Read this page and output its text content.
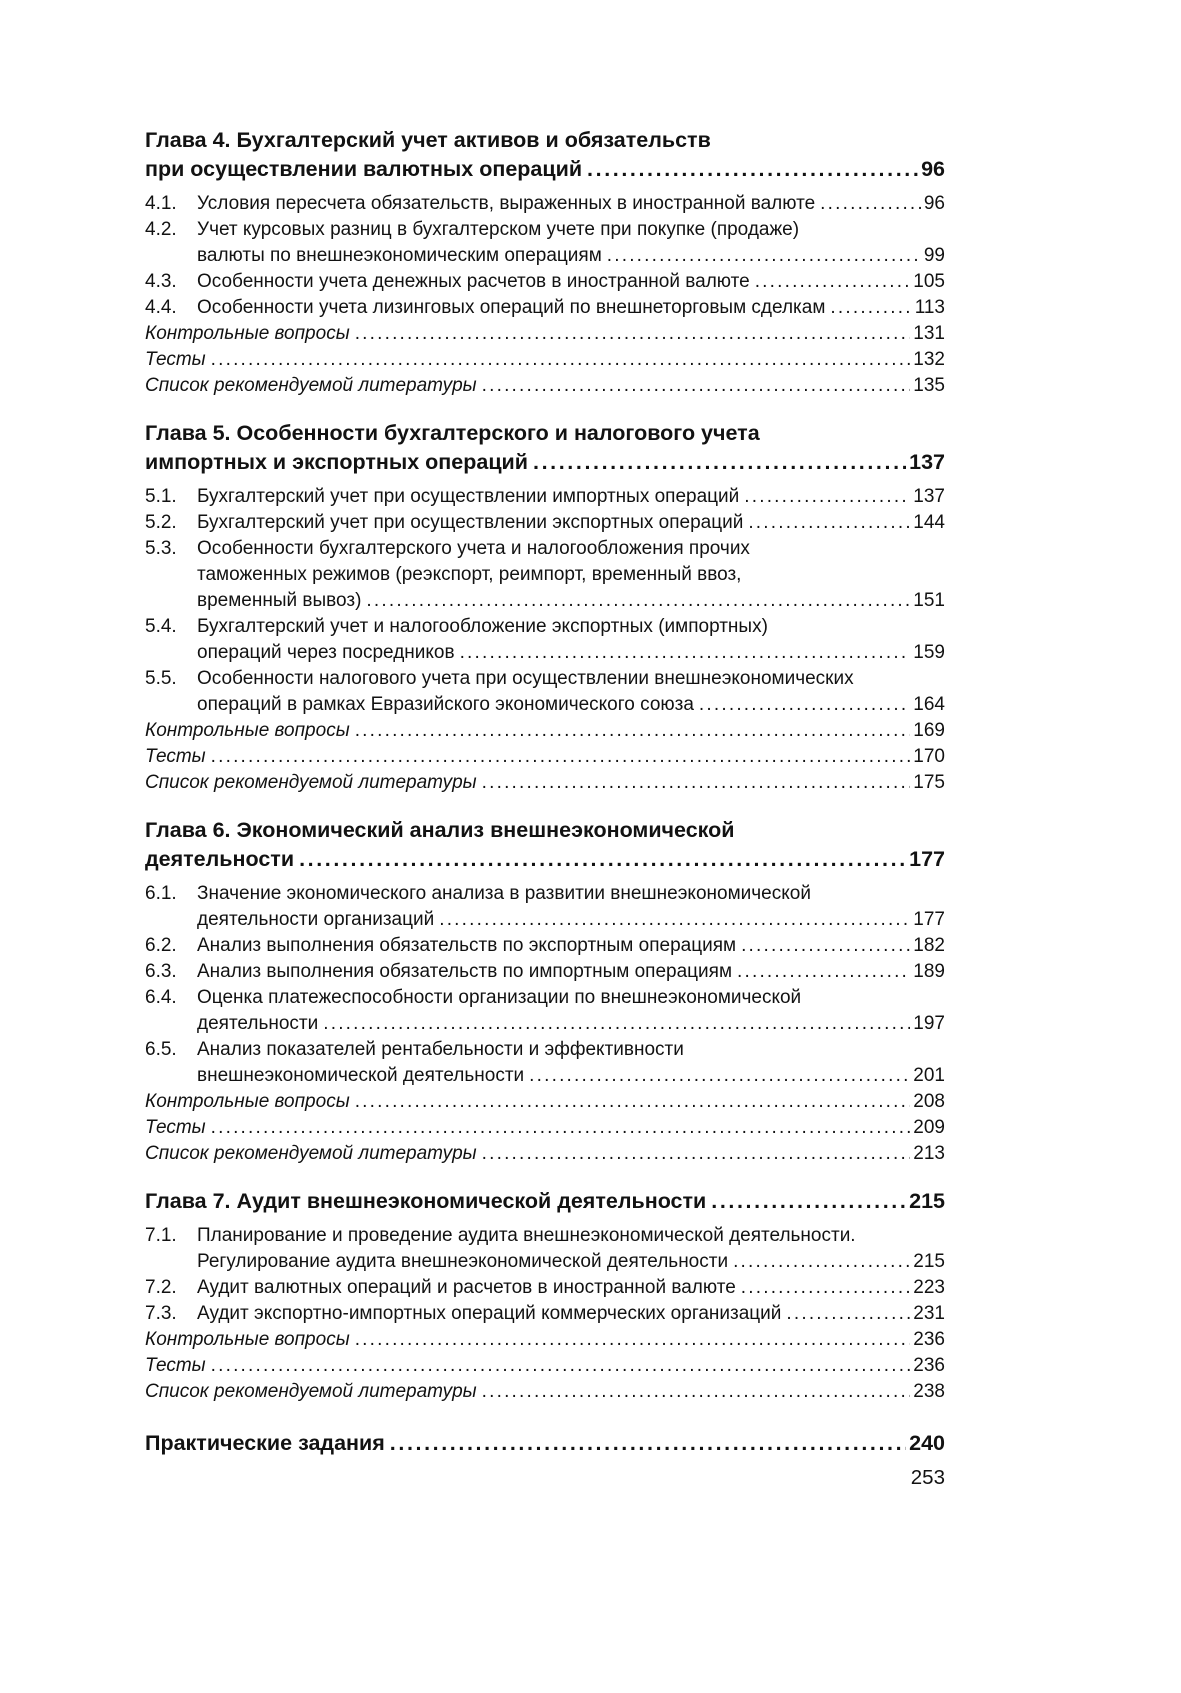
Глава 4. Бухгалтерский учет активов и обязательств
при осуществлении валютных операций .....	96
4.1.	Условия пересчета обязательств, выраженных в иностранной валюте .....	96
4.2.	Учет курсовых разниц в бухгалтерском учете при покупке (продаже)
валюты по внешнеэкономическим операциям .....	99
4.3.	Особенности учета денежных расчетов в иностранной валюте .....	105
4.4.	Особенности учета лизинговых операций по внешнеторговым сделкам .....	113
Контрольные вопросы .....	131
Тесты .....	132
Список рекомендуемой литературы .....	135
Глава 5. Особенности бухгалтерского и налогового учета
импортных и экспортных операций .....	137
5.1.	Бухгалтерский учет при осуществлении импортных операций .....	137
5.2.	Бухгалтерский учет при осуществлении экспортных операций .....	144
5.3.	Особенности бухгалтерского учета и налогообложения прочих
таможенных режимов (реэкспорт, реимпорт, временный ввоз,
временный вывоз) .....	151
5.4.	Бухгалтерский учет и налогообложение экспортных (импортных)
операций через посредников .....	159
5.5.	Особенности налогового учета при осуществлении внешнеэкономических
операций в рамках Евразийского экономического союза .....	164
Контрольные вопросы .....	169
Тесты .....	170
Список рекомендуемой литературы .....	175
Глава 6. Экономический анализ внешнеэкономической
деятельности .....	177
6.1.	Значение экономического анализа в развитии внешнеэкономической
деятельности организаций .....	177
6.2.	Анализ выполнения обязательств по экспортным операциям .....	182
6.3.	Анализ выполнения обязательств по импортным операциям .....	189
6.4.	Оценка платежеспособности организации по внешнеэкономической
деятельности .....	197
6.5.	Анализ показателей рентабельности и эффективности
внешнеэкономической деятельности .....	201
Контрольные вопросы .....	208
Тесты .....	209
Список рекомендуемой литературы .....	213
Глава 7. Аудит внешнеэкономической деятельности .....	215
7.1.	Планирование и проведение аудита внешнеэкономической деятельности.
Регулирование аудита внешнеэкономической деятельности .....	215
7.2.	Аудит валютных операций и расчетов в иностранной валюте .....	223
7.3.	Аудит экспортно-импортных операций коммерческих организаций .....	231
Контрольные вопросы .....	236
Тесты .....	236
Список рекомендуемой литературы .....	238
Практические задания .....	240
253
